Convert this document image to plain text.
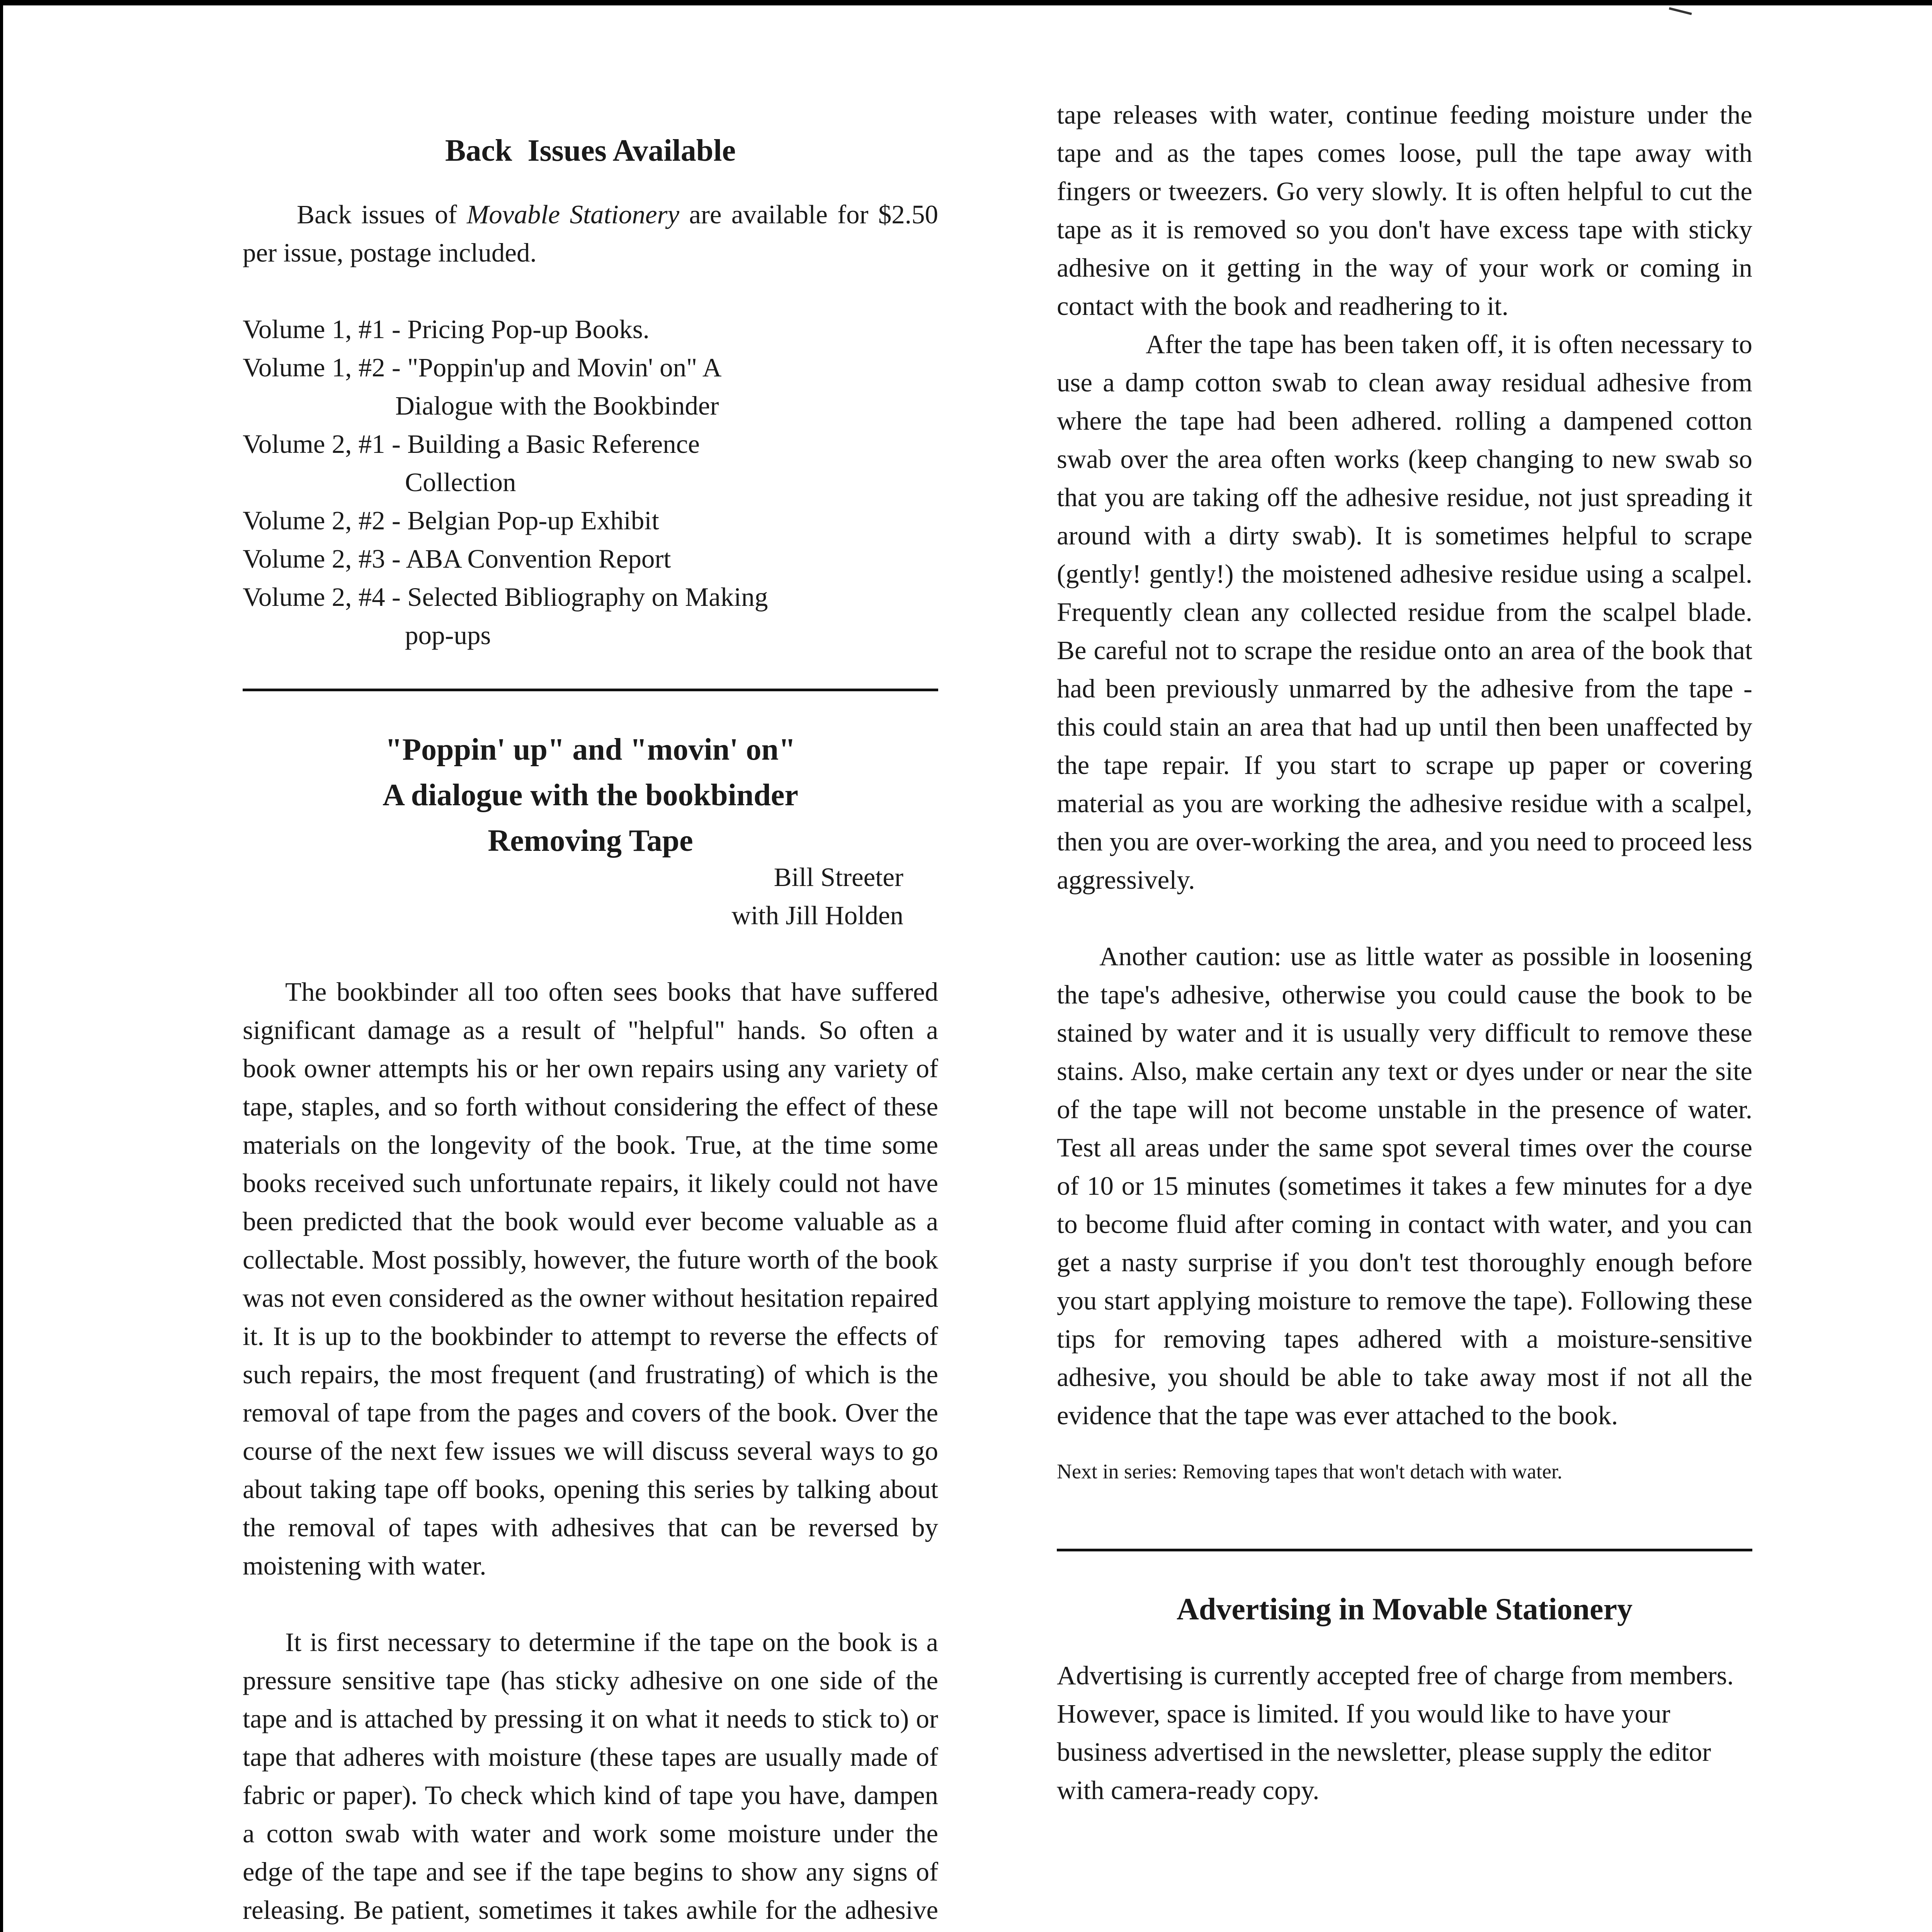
Back  Issues Available

Back issues of Movable Stationery are available for $2.50 per issue, postage included.

Volume 1, #1 - Pricing Pop-up Books.
Volume 1, #2 - "Poppin'up and Movin' on" A
Dialogue with the Bookbinder
Volume 2, #1 - Building a Basic Reference
Collection
Volume 2, #2 - Belgian Pop-up Exhibit
Volume 2, #3 - ABA Convention Report
Volume 2, #4 - Selected Bibliography on Making
pop-ups
"Poppin' up" and "movin' on"
A dialogue with the bookbinder
Removing Tape
Bill Streeter
with Jill Holden

The bookbinder all too often sees books that have suffered significant damage as a result of "helpful" hands. So often a book owner attempts his or her own repairs using any variety of tape, staples, and so forth without considering the effect of these materials on the longevity of the book. True, at the time some books received such unfortunate repairs, it likely could not have been predicted that the book would ever become valuable as a collectable. Most possibly, however, the future worth of the book was not even considered as the owner without hesitation repaired it. It is up to the bookbinder to attempt to reverse the effects of such repairs, the most frequent (and frustrating) of which is the removal of tape from the pages and covers of the book. Over the course of the next few issues we will discuss several ways to go about taking tape off books, opening this series by talking about the removal of tapes with adhesives that can be reversed by moistening with water.

It is first necessary to determine if the tape on the book is a pressure sensitive tape (has sticky adhesive on one side of the tape and is attached by pressing it on what it needs to stick to) or tape that adheres with moisture (these tapes are usually made of fabric or paper). To check which kind of tape you have, dampen a cotton swab with water and work some moisture under the edge of the tape and see if the tape begins to show any signs of releasing. Be patient, sometimes it takes awhile for the adhesive

tape releases with water, continue feeding moisture under the tape and as the tapes comes loose, pull the tape away with fingers or tweezers. Go very slowly. It is often helpful to cut the tape as it is removed so you don't have excess tape with sticky adhesive on it getting in the way of your work or coming in contact with the book and readhering to it.

After the tape has been taken off, it is often necessary to use a damp cotton swab to clean away residual adhesive from where the tape had been adhered. rolling a dampened cotton swab over the area often works (keep changing to new swab so that you are taking off the adhesive residue, not just spreading it around with a dirty swab). It is sometimes helpful to scrape (gently! gently!) the moistened adhesive residue using a scalpel. Frequently clean any collected residue from the scalpel blade. Be careful not to scrape the residue onto an area of the book that had been previously unmarred by the adhesive from the tape - this could stain an area that had up until then been unaffected by the tape repair. If you start to scrape up paper or covering material as you are working the adhesive residue with a scalpel, then you are over-working the area, and you need to proceed less aggressively.

Another caution: use as little water as possible in loosening the tape's adhesive, otherwise you could cause the book to be stained by water and it is usually very difficult to remove these stains. Also, make certain any text or dyes under or near the site of the tape will not become unstable in the presence of water. Test all areas under the same spot several times over the course of 10 or 15 minutes (sometimes it takes a few minutes for a dye to become fluid after coming in contact with water, and you can get a nasty surprise if you don't test thoroughly enough before you start applying moisture to remove the tape). Following these tips for removing tapes adhered with a moisture-sensitive adhesive, you should be able to take away most if not all the evidence that the tape was ever attached to the book.

Next in series: Removing tapes that won't detach with water.
Advertising in Movable Stationery

Advertising is currently accepted free of charge from members. However, space is limited. If you would like to have your business advertised in the newsletter, please supply the editor with camera-ready copy.
